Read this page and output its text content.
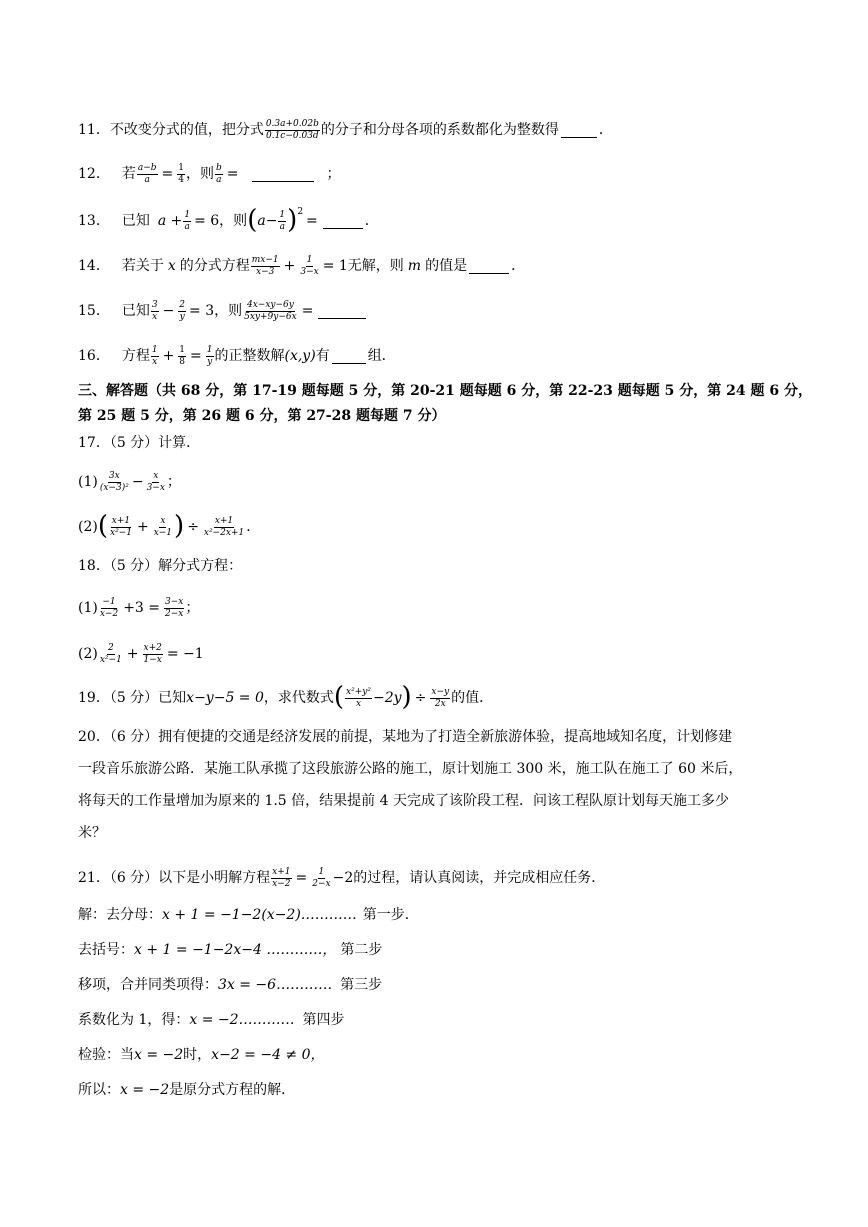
11． 不改变分式的值，把分式 $\frac{0.3a+0.02b}{0.1c-0.03d}$ 的分子和分母各项的系数都化为整数得	．
12． 若 $\frac{a-b}{a} = \frac{1}{4}$ ，则 $\frac{b}{a}$ =	；
13． 已知 $a + \frac{1}{a} = 6$，则 ( $a- \frac{1}{a}$ ) 2
=	．
14． 若关于 x 的分式方程 $\frac{mx-1}{x-3} + \frac{1}{3-x} = 1$无解，则 m 的值是	．
15． 已知 $\frac{3}{x} - \frac{2}{y} = 3$，则 $\frac{4x-xy-6y}{5xy+9y-6x}$ =
16． 方程 $\frac{1}{x} + \frac{1}{8} = \frac{1}{y}$ 的正整数解 (x,y) 有	组．
三、解答题（共 68 分，第 17-19 题每题 5 分，第 20-21 题每题 6 分，第 22-23 题每题 5 分，第 24 题 6 分，
第 25 题 5 分，第 26 题 6 分，第 27-28 题每题 7 分）
17．（5 分）计算．
$(1) \frac{3x}{\text{(x−3)²}} - \frac{x}{3-x}$ ；
(2) ( $\frac{x+1}{\text{x²−1}} + \frac{x}{x-1}$ ) ÷ $\frac{x+1}{\text{x²−2x+1}}$ ．
18．（5 分）解分式方程：
$(1) \frac{-1}{x-2} +3 = \frac{3-x}{2-x}$ ；
$(2) \frac{2}{\text{x²−1}} + \frac{x+2}{1-x} = -1$
19．（5 分）已知 x−y−5 = 0 ，求代数式 ( $\frac{\text{x²+y²}}{x} -2y$ ) ÷ $\frac{x-y}{2x}$ 的值．
20．（6 分）拥有便捷的交通是经济发展的前提，某地为了打造全新旅游体验，提高地域知名度，计划修建
一段音乐旅游公路．某施工队承揽了这段旅游公路的施工，原计划施工 300 米，施工队在施工了 60 米后，
将每天的工作量增加为原来的 1.5 倍，结果提前 4 天完成了该阶段工程．问该工程队原计划每天施工多少
米？
21．（6 分）以下是小明解方程 $\frac{x+1}{x-2} = \frac{1}{2-x} -2$的过程，请认真阅读，并完成相应任务．
解：去分母： x + 1 = −1−2(x−2)………… 第一步．
去括号： x + 1 = −1−2x−4 …………， 第二步
移项，合并同类项得： 3x = −6………… 第三步
系数化为 1，得： x = −2………… 第四步
检验：当 x = −2 时， x−2 = −4 ≠ 0，
所以： x = −2 是原分式方程的解．
